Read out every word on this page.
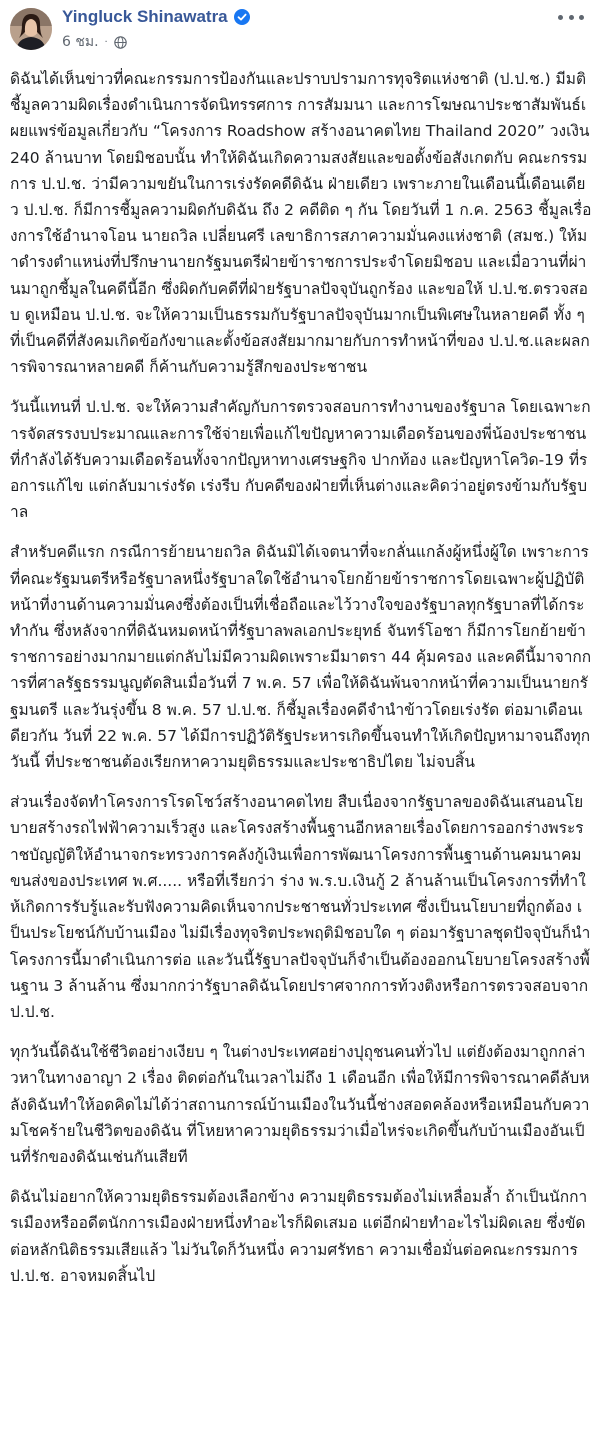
Yingluck Shinawatra
6 ชม. ·

ดิฉันได้เห็นข่าวที่คณะกรรมการป้องกันและปราบปรามการทุจริตแห่งชาติ (ป.ป.ช.) มีมติชี้มูลความผิดเรื่องดำเนินการจัดนิทรรศการ การสัมมนา และการโฆษณาประชาสัมพันธ์เผยแพร่ข้อมูลเกี่ยวกับ “โครงการ Roadshow สร้างอนาคตไทย Thailand 2020” วงเงิน 240 ล้านบาท โดยมิชอบนั้น ทำให้ดิฉันเกิดความสงสัยและขอตั้งข้อสังเกตกับ คณะกรรมการ ป.ป.ช. ว่ามีความขยันในการเร่งรัดคดีดิฉัน ฝ่ายเดียว เพราะภายในเดือนนี้เดือนเดียว ป.ป.ช. ก็มีการชี้มูลความผิดกับดิฉัน ถึง 2 คดีติด ๆ กัน โดยวันที่ 1 ก.ค. 2563 ชี้มูลเรื่องการใช้อำนาจโอน นายถวิล เปลี่ยนศรี เลขาธิการสภาความมั่นคงแห่งชาติ (สมช.) ให้มาดำรงตำแหน่งที่ปรึกษานายกรัฐมนตรีฝ่ายข้าราชการประจำโดยมิชอบ และเมื่อวานที่ผ่านมาถูกชี้มูลในคดีนี้อีก ซึ่งผิดกับคดีที่ฝ่ายรัฐบาลปัจจุบันถูกร้อง และขอให้ ป.ป.ช.ตรวจสอบ ดูเหมือน ป.ป.ช. จะให้ความเป็นธรรมกับรัฐบาลปัจจุบันมากเป็นพิเศษในหลายคดี ทั้ง ๆ ที่เป็นคดีที่สังคมเกิดข้อกังขาและตั้งข้อสงสัยมากมายกับการทำหน้าที่ของ ป.ป.ช.และผลการพิจารณาหลายคดี ก็ค้านกับความรู้สึกของประชาชน

วันนี้แทนที่ ป.ป.ช. จะให้ความสำคัญกับการตรวจสอบการทำงานของรัฐบาล โดยเฉพาะการจัดสรรงบประมาณและการใช้จ่ายเพื่อแก้ไขปัญหาความเดือดร้อนของพี่น้องประชาชนที่กำลังได้รับความเดือดร้อนทั้งจากปัญหาทางเศรษฐกิจ ปากท้อง และปัญหาโควิด-19 ที่รอการแก้ไข แต่กลับมาเร่งรัด เร่งรีบ กับคดีของฝ่ายที่เห็นต่างและคิดว่าอยู่ตรงข้ามกับรัฐบาล

สำหรับคดีแรก กรณีการย้ายนายถวิล ดิฉันมิได้เจตนาที่จะกลั่นแกล้งผู้หนึ่งผู้ใด เพราะการที่คณะรัฐมนตรีหรือรัฐบาลหนึ่งรัฐบาลใดใช้อำนาจโยกย้ายข้าราชการโดยเฉพาะผู้ปฏิบัติหน้าที่งานด้านความมั่นคงซึ่งต้องเป็นที่เชื่อถือและไว้วางใจของรัฐบาลทุกรัฐบาลที่ได้กระทำกัน ซึ่งหลังจากที่ดิฉันหมดหน้าที่รัฐบาลพลเอกประยุทธ์ จันทร์โอชา ก็มีการโยกย้ายข้าราชการอย่างมากมายแต่กลับไม่มีความผิดเพราะมีมาตรา 44 คุ้มครอง และคดีนี้มาจากการที่ศาลรัฐธรรมนูญตัดสินเมื่อวันที่ 7 พ.ค. 57 เพื่อให้ดิฉันพ้นจากหน้าที่ความเป็นนายกรัฐมนตรี และวันรุ่งขึ้น 8 พ.ค. 57 ป.ป.ช. ก็ชี้มูลเรื่องคดีจำนำข้าวโดยเร่งรัด ต่อมาเดือนเดียวกัน วันที่ 22 พ.ค. 57 ได้มีการปฏิวัติรัฐประหารเกิดขึ้นจนทำให้เกิดปัญหามาจนถึงทุกวันนี้ ที่ประชาชนต้องเรียกหาความยุติธรรมและประชาธิปไตย ไม่จบสิ้น

ส่วนเรื่องจัดทำโครงการโรดโชว์สร้างอนาคตไทย สืบเนื่องจากรัฐบาลของดิฉันเสนอนโยบายสร้างรถไฟฟ้าความเร็วสูง และโครงสร้างพื้นฐานอีกหลายเรื่องโดยการออกร่างพระราชบัญญัติให้อำนาจกระทรวงการคลังกู้เงินเพื่อการพัฒนาโครงการพื้นฐานด้านคมนาคมขนส่งของประเทศ พ.ศ..... หรือที่เรียกว่า ร่าง พ.ร.บ.เงินกู้ 2 ล้านล้านเป็นโครงการที่ทำให้เกิดการรับรู้และรับฟังความคิดเห็นจากประชาชนทั่วประเทศ ซึ่งเป็นนโยบายที่ถูกต้อง เป็นประโยชน์กับบ้านเมือง ไม่มีเรื่องทุจริตประพฤติมิชอบใด ๆ ต่อมารัฐบาลชุดปัจจุบันก็นำโครงการนี้มาดำเนินการต่อ และวันนี้รัฐบาลปัจจุบันก็จำเป็นต้องออกนโยบายโครงสร้างพื้นฐาน 3 ล้านล้าน ซึ่งมากกว่ารัฐบาลดิฉันโดยปราศจากการท้วงติงหรือการตรวจสอบจาก ป.ป.ช.

ทุกวันนี้ดิฉันใช้ชีวิตอย่างเงียบ ๆ ในต่างประเทศอย่างปุถุชนคนทั่วไป แต่ยังต้องมาถูกกล่าวหาในทางอาญา 2 เรื่อง ติดต่อกันในเวลาไม่ถึง 1 เดือนอีก เพื่อให้มีการพิจารณาคดีลับหลังดิฉันทำให้อดคิดไม่ได้ว่าสถานการณ์บ้านเมืองในวันนี้ช่างสอดคล้องหรือเหมือนกับความโชคร้ายในชีวิตของดิฉัน ที่โหยหาความยุติธรรมว่าเมื่อไหร่จะเกิดขึ้นกับบ้านเมืองอันเป็นที่รักของดิฉันเช่นกันเสียที

ดิฉันไม่อยากให้ความยุติธรรมต้องเลือกข้าง ความยุติธรรมต้องไม่เหลื่อมล้ำ ถ้าเป็นนักการเมืองหรืออดีตนักการเมืองฝ่ายหนึ่งทำอะไรก็ผิดเสมอ แต่อีกฝ่ายทำอะไรไม่ผิดเลย ซึ่งขัดต่อหลักนิติธรรมเสียแล้ว ไม่วันใดก็วันหนึ่ง ความศรัทธา ความเชื่อมั่นต่อคณะกรรมการ ป.ป.ช. อาจหมดสิ้นไป
